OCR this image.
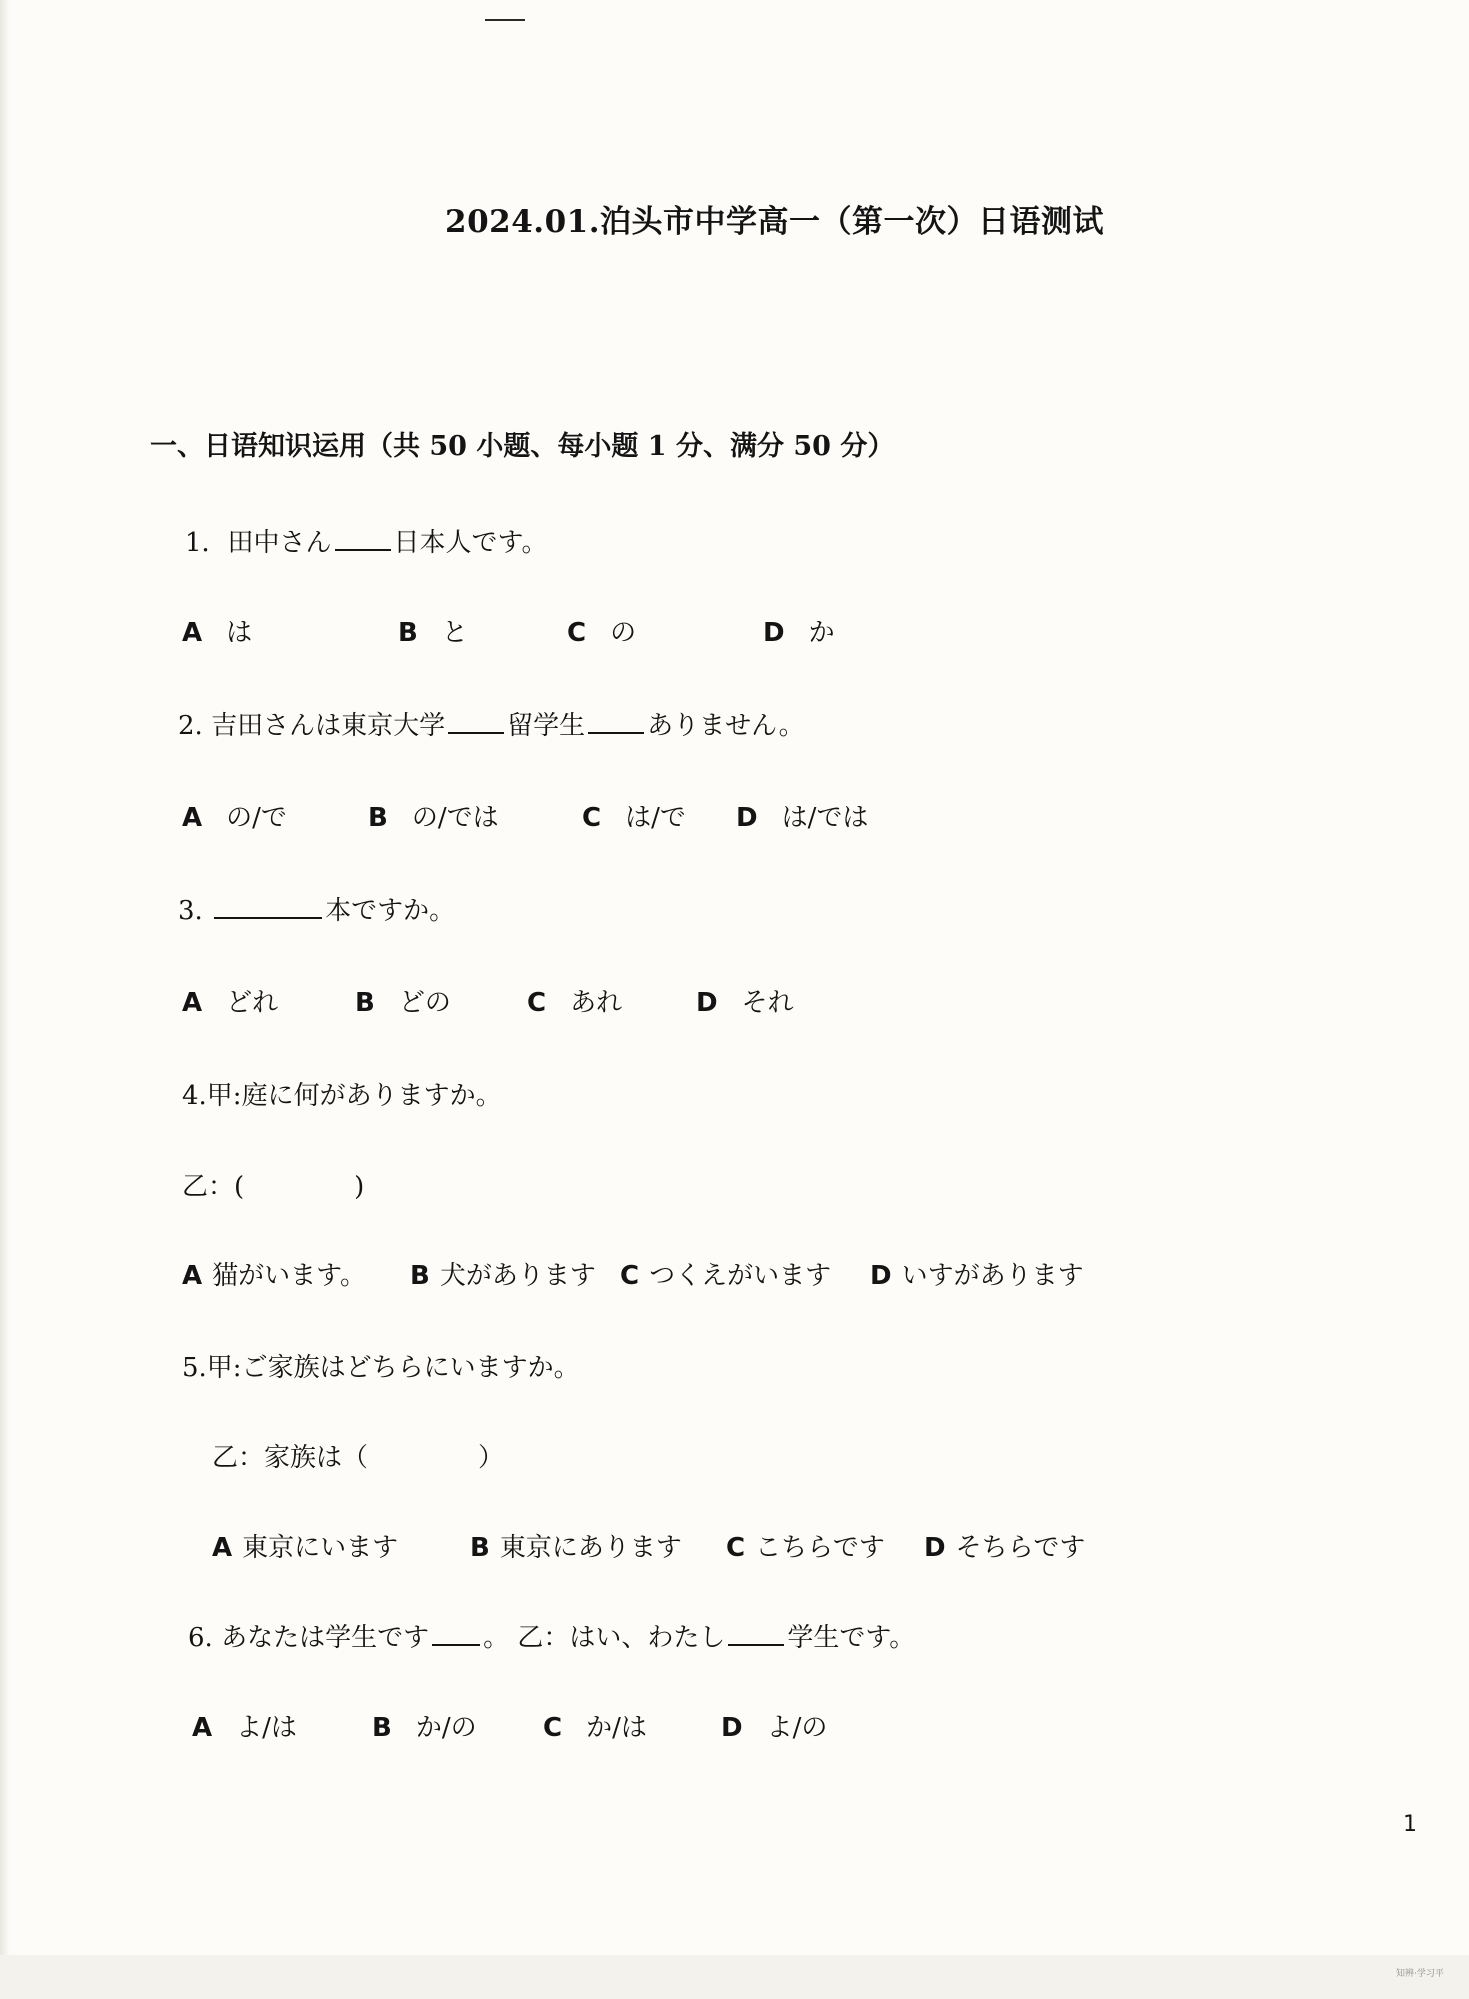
2024.01.泊头市中学高一（第一次）日语测试
一、日语知识运用（共 50 小题、每小题 1 分、满分 50 分）
1．田中さん 日本人です。
A は	B と	C の	D か
2. 吉田さんは東京大学 留学生 ありません。
A の/で	B の/では	C は/で D は/では
3.	本ですか。
A どれ	B どの	C あれ	D それ
4.甲:庭に何がありますか。
乙：(	)
A 猫がいます。 B 犬があります C つくえがいます D いすがあります
5.甲:ご家族はどちらにいますか。
乙：家族は（	）
A 東京にいます	B 東京にあります C こちらです D そちらです
6. あなたは学生です 。 乙：はい、わたし 学生です。
A よ/は	B か/の	C か/は	D よ/の
1
知辨·学习平
